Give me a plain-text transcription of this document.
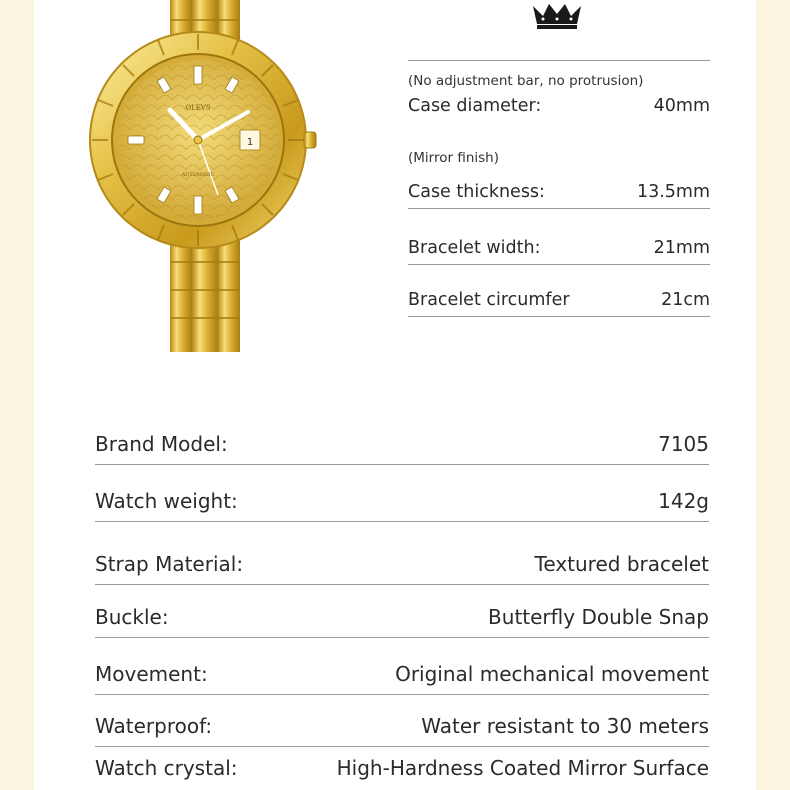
1
OLEVS
AUTOMATIC
(No adjustment bar, no protrusion)
Case diameter:	40mm
(Mirror finish)
Case thickness:	13.5mm
Bracelet width:	21mm
Bracelet circumfer	21cm
Brand Model:	7105
Watch weight:	142g
Strap Material:	Textured bracelet
Buckle:	Butterfly Double Snap
Movement:	Original mechanical movement
Waterproof:	Water resistant to 30 meters
Watch crystal:	High-Hardness Coated Mirror Surface
